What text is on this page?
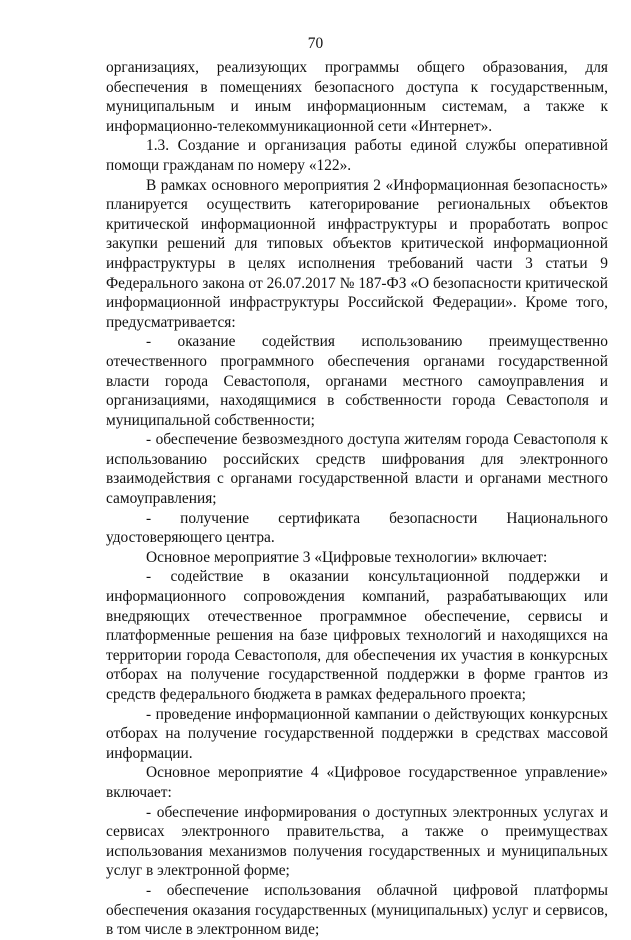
70

организациях, реализующих программы общего образования, для обеспечения в помещениях безопасного доступа к государственным, муниципальным и иным информационным системам, а также к информационно-телекоммуникационной сети «Интернет».

1.3. Создание и организация работы единой службы оперативной помощи гражданам по номеру «122».

В рамках основного мероприятия 2 «Информационная безопасность» планируется осуществить категорирование региональных объектов критической информационной инфраструктуры и проработать вопрос закупки решений для типовых объектов критической информационной инфраструктуры в целях исполнения требований части 3 статьи 9 Федерального закона от 26.07.2017 № 187-ФЗ «О безопасности критической информационной инфраструктуры Российской Федерации». Кроме того, предусматривается:

- оказание содействия использованию преимущественно отечественного программного обеспечения органами государственной власти города Севастополя, органами местного самоуправления и организациями, находящимися в собственности города Севастополя и муниципальной собственности;

- обеспечение безвозмездного доступа жителям города Севастополя к использованию российских средств шифрования для электронного взаимодействия с органами государственной власти и органами местного самоуправления;

- получение сертификата безопасности Национального удостоверяющего центра.

Основное мероприятие 3 «Цифровые технологии» включает:

- содействие в оказании консультационной поддержки и информационного сопровождения компаний, разрабатывающих или внедряющих отечественное программное обеспечение, сервисы и платформенные решения на базе цифровых технологий и находящихся на территории города Севастополя, для обеспечения их участия в конкурсных отборах на получение государственной поддержки в форме грантов из средств федерального бюджета в рамках федерального проекта;

- проведение информационной кампании о действующих конкурсных отборах на получение государственной поддержки в средствах массовой информации.

Основное мероприятие 4 «Цифровое государственное управление» включает:

- обеспечение информирования о доступных электронных услугах и сервисах электронного правительства, а также о преимуществах использования механизмов получения государственных и муниципальных услуг в электронной форме;

- обеспечение использования облачной цифровой платформы обеспечения оказания государственных (муниципальных) услуг и сервисов, в том числе в электронном виде;
